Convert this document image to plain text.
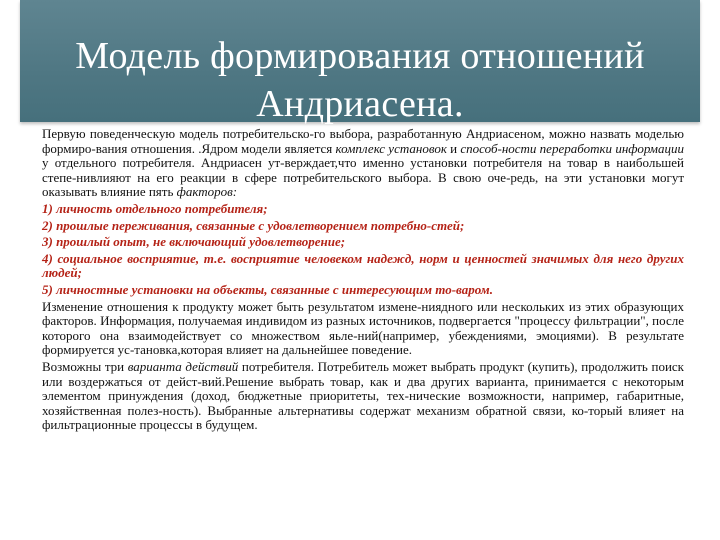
Модель формирования отношений
Андриасена.

Первую поведенческую модель потребительско-го выбора, разработанную Андриасеном, можно назвать моделью формиро-вания отношения. .Ядром модели является комплекс установок и способ-ности переработки информации у отдельного потребителя. Андриасен ут-верждает,что именно установки потребителя на товар в наибольшей степе-нивлияют на его реакции в сфере потребительского выбора. В свою оче-редь, на эти установки могут оказывать влияние пять факторов:

1) личность отдельного потребителя;

2) прошлые переживания, связанные с удовлетворением потребно-стей;

3) прошлый опыт, не включающий удовлетворение;

4) социальное восприятие, т.е. восприятие человеком надежд, норм и ценностей значимых для него других людей;

5) личностные установки на объекты, связанные с интересующим то-варом.

Изменение отношения к продукту может быть результатом измене-ниядного или нескольких из этих образующих факторов. Информация, получаемая индивидом из разных источников, подвергается "процессу фильтрации", после которого она взаимодействует со множеством яьле-ний(например, убеждениями, эмоциями). В результате формируется ус-тановка,которая влияет на дальнейшее поведение.

Возможны три варианта действий потребителя. Потребитель может выбрать продукт (купить), продолжить поиск или воздержаться от дейст-вий.Решение выбрать товар, как и два других варианта, принимается с некоторым элементом принуждения (доход, бюджетные приоритеты, тех-нические возможности, например, габаритные, хозяйственная полез-ность). Выбранные альтернативы содержат механизм обратной связи, ко-торый влияет на фильтрационные процессы в будущем.
